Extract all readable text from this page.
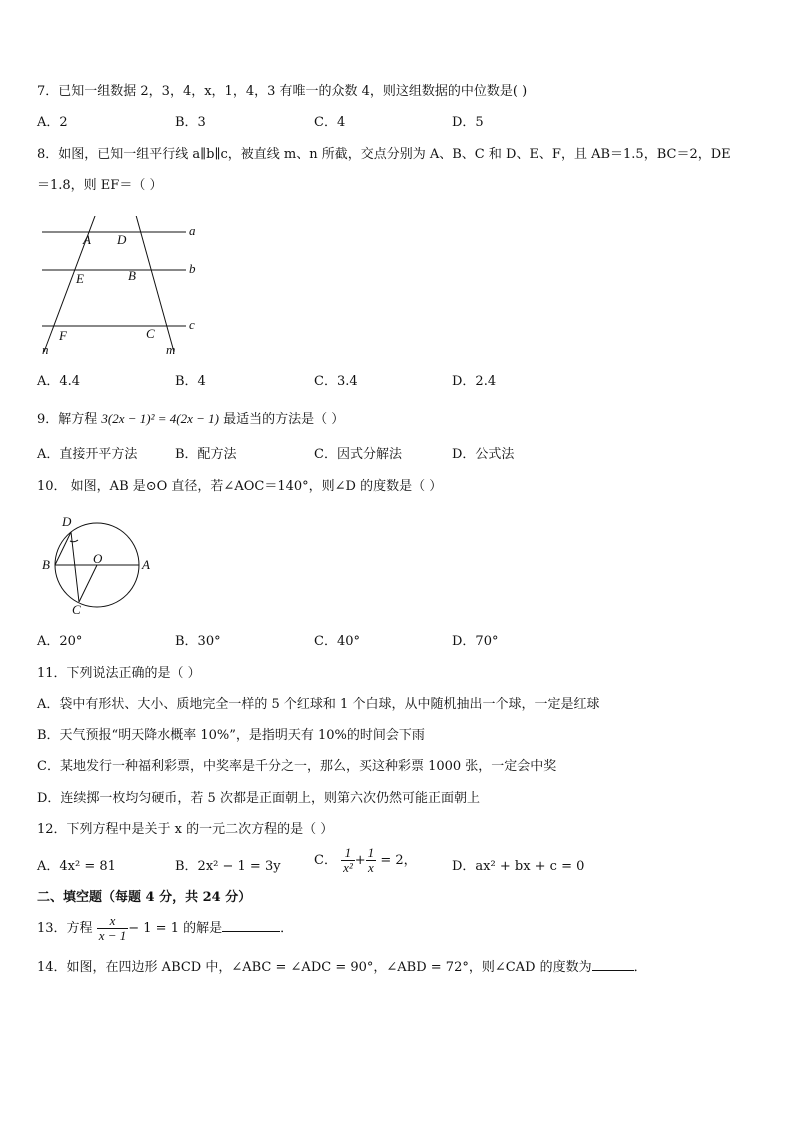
7．已知一组数据 2，3，4，x，1，4，3 有唯一的众数 4，则这组数据的中位数是( )
A．2	B．3	C．4	D．5
8．如图，已知一组平行线 a∥b∥c，被直线 m、n 所截，交点分别为 A、B、C 和 D、E、F，且 AB＝1.5，BC＝2，DE
＝1.8，则 EF＝（ ）
a
b
c
A D
E	B
F	C
n	m
A．4.4	B．4	C．3.4	D．2.4
9．解方程 3(2x − 1)² = 4(2x − 1) 最适当的方法是（ ）
A．直接开平方法	B．配方法	C．因式分解法	D．公式法
10． 如图，AB 是⊙O 直径，若∠AOC＝140°，则∠D 的度数是（ ）
D
O
B	A
C
A．20°	B．30°	C．40°	D．70°
11．下列说法正确的是（ ）
A．袋中有形状、大小、质地完全一样的 5 个红球和 1 个白球，从中随机抽出一个球，一定是红球
B．天气预报“明天降水概率 10%”，是指明天有 10%的时间会下雨
C．某地发行一种福利彩票，中奖率是千分之一，那么，买这种彩票 1000 张，一定会中奖
D．连续掷一枚均匀硬币，若 5 次都是正面朝上，则第六次仍然可能正面朝上
12．下列方程中是关于 x 的一元二次方程的是（ ）
A．4x² = 81	B．2x² − 1 = 3y	C． $\frac{1}{\text{x²}} + \frac{1}{x} = 2$，	D．ax² + bx + c = 0
二、填空题（每题 4 分，共 24 分）
13．方程 $\frac{x}{x - 1} - 1 = 1$ 的解是	．
14．如图，在四边形 ABCD 中，∠ABC = ∠ADC = 90°，∠ABD = 72°，则∠CAD 的度数为	．
